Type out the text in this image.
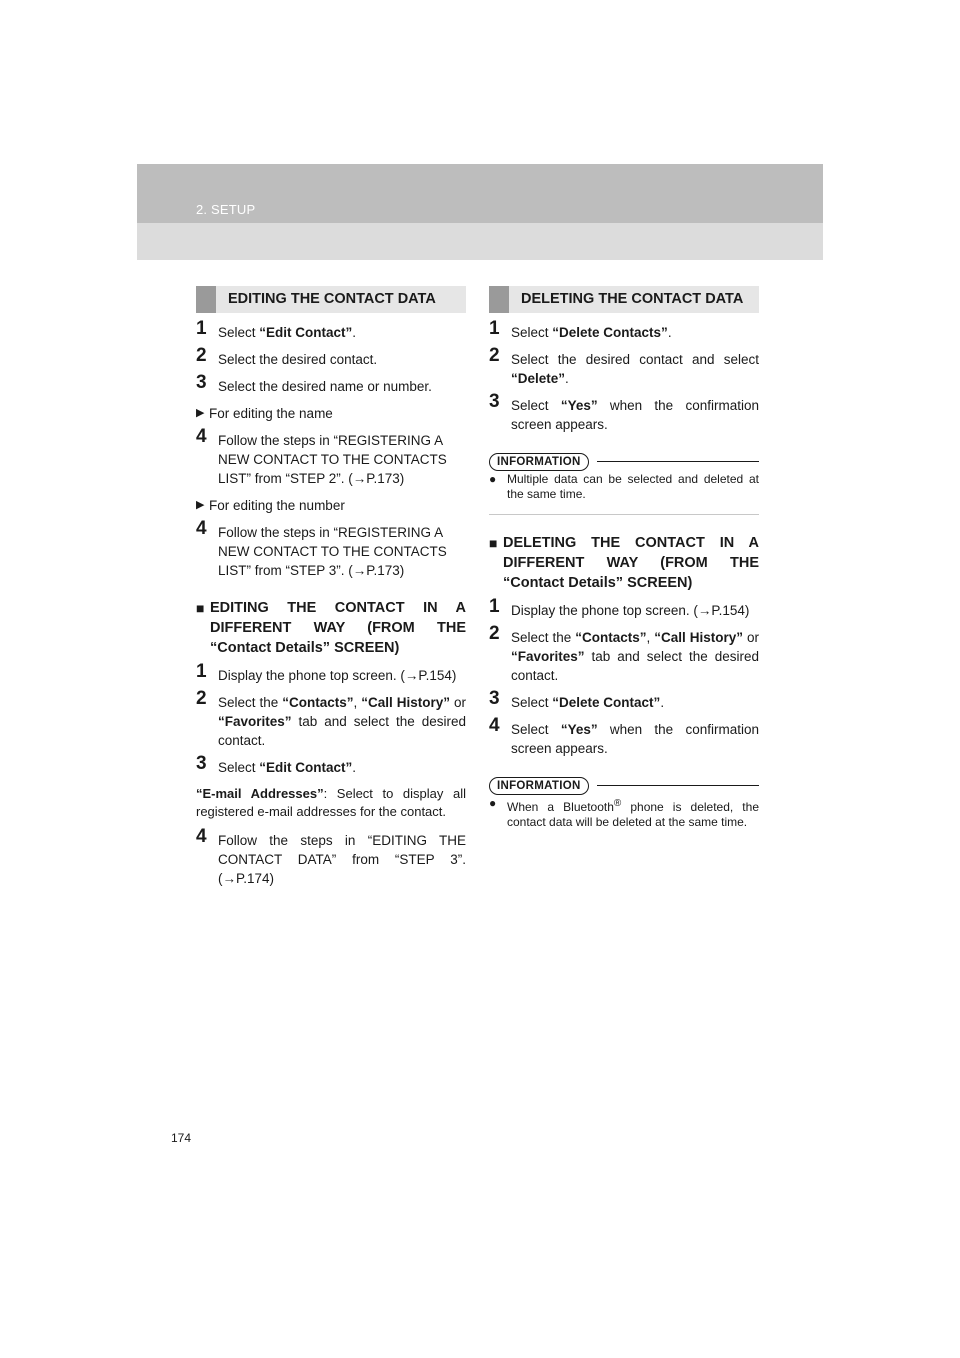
2. SETUP
EDITING THE CONTACT DATA
1 Select “Edit Contact”.
2 Select the desired contact.
3 Select the desired name or number.
▶ For editing the name
4 Follow the steps in “REGISTERING A NEW CONTACT TO THE CONTACTS LIST” from “STEP 2”. (→P.173)
▶ For editing the number
4 Follow the steps in “REGISTERING A NEW CONTACT TO THE CONTACTS LIST” from “STEP 3”. (→P.173)
■ EDITING THE CONTACT IN A DIFFERENT WAY (FROM THE “Contact Details” SCREEN)
1 Display the phone top screen. (→P.154)
2 Select the “Contacts”, “Call History” or “Favorites” tab and select the desired contact.
3 Select “Edit Contact”.
“E-mail Addresses”: Select to display all registered e-mail addresses for the contact.
4 Follow the steps in “EDITING THE CONTACT DATA” from “STEP 3”. (→P.174)
DELETING THE CONTACT DATA
1 Select “Delete Contacts”.
2 Select the desired contact and select “Delete”.
3 Select “Yes” when the confirmation screen appears.
INFORMATION
● Multiple data can be selected and deleted at the same time.
■ DELETING THE CONTACT IN A DIFFERENT WAY (FROM THE “Contact Details” SCREEN)
1 Display the phone top screen. (→P.154)
2 Select the “Contacts”, “Call History” or “Favorites” tab and select the desired contact.
3 Select “Delete Contact”.
4 Select “Yes” when the confirmation screen appears.
INFORMATION
● When a Bluetooth® phone is deleted, the contact data will be deleted at the same time.
174
